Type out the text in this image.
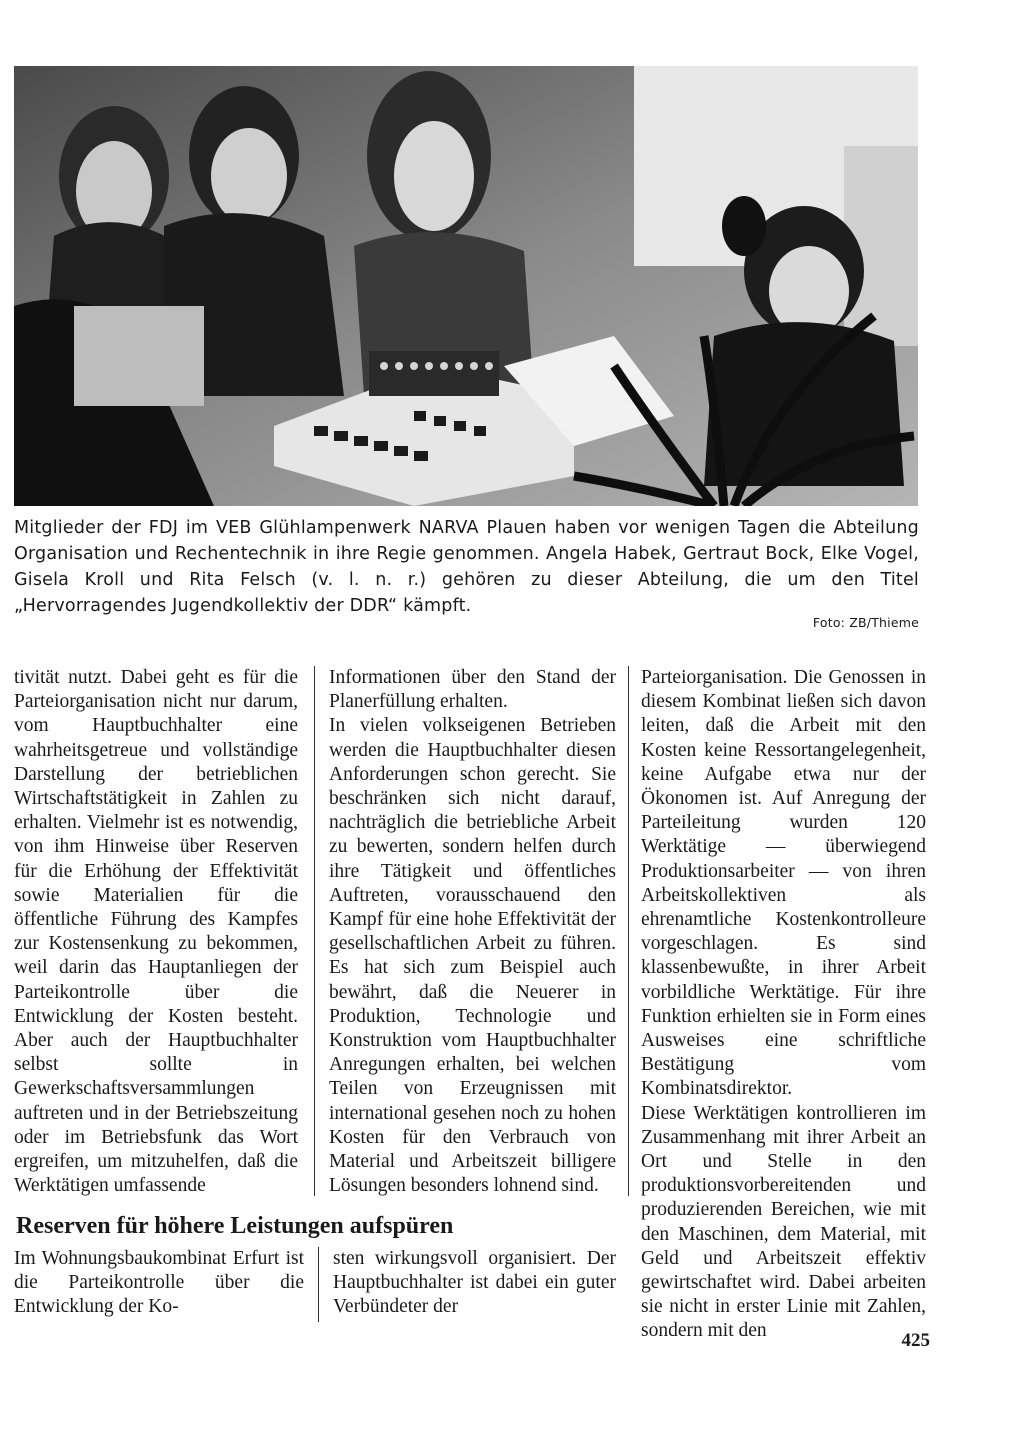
Mitglieder der FDJ im VEB Glühlampenwerk NARVA Plauen haben vor wenigen Tagen die Abteilung Organisation und Rechentechnik in ihre Regie genommen. Angela Habek, Gertraut Bock, Elke Vogel, Gisela Kroll und Rita Felsch (v. l. n. r.) gehören zu dieser Abteilung, die um den Titel „Hervorragendes Jugendkollektiv der DDR“ kämpft.
Foto: ZB/Thieme

tivität nutzt. Dabei geht es für die Parteiorganisation nicht nur darum, vom Hauptbuchhalter eine wahrheitsgetreue und vollständige Darstellung der betrieblichen Wirtschaftstätigkeit in Zahlen zu erhalten. Vielmehr ist es notwendig, von ihm Hinweise über Reserven für die Erhöhung der Effektivität sowie Materialien für die öffentliche Führung des Kampfes zur Kostensenkung zu bekommen, weil darin das Hauptanliegen der Parteikontrolle über die Entwicklung der Kosten besteht. Aber auch der Hauptbuchhalter selbst sollte in Gewerkschaftsversammlungen auftreten und in der Betriebszeitung oder im Betriebsfunk das Wort ergreifen, um mitzuhelfen, daß die Werktätigen umfassende

Informationen über den Stand der Planerfüllung erhalten.

In vielen volkseigenen Betrieben werden die Hauptbuchhalter diesen Anforderungen schon gerecht. Sie beschränken sich nicht darauf, nachträglich die betriebliche Arbeit zu bewerten, sondern helfen durch ihre Tätigkeit und öffentliches Auftreten, vorausschauend den Kampf für eine hohe Effektivität der gesellschaftlichen Arbeit zu führen. Es hat sich zum Beispiel auch bewährt, daß die Neuerer in Produktion, Technologie und Konstruktion vom Hauptbuchhalter Anregungen erhalten, bei welchen Teilen von Erzeugnissen mit international gesehen noch zu hohen Kosten für den Verbrauch von Material und Arbeitszeit billigere Lösungen besonders lohnend sind.

Parteiorganisation. Die Genossen in diesem Kombinat ließen sich davon leiten, daß die Arbeit mit den Kosten keine Ressortangelegenheit, keine Aufgabe etwa nur der Ökonomen ist. Auf Anregung der Parteileitung wurden 120 Werktätige — überwiegend Produktionsarbeiter — von ihren Arbeitskollektiven als ehrenamtliche Kostenkontrolleure vorgeschlagen. Es sind klassenbewußte, in ihrer Arbeit vorbildliche Werktätige. Für ihre Funktion erhielten sie in Form eines Ausweises eine schriftliche Bestätigung vom Kombinatsdirektor.

Diese Werktätigen kontrollieren im Zusammenhang mit ihrer Arbeit an Ort und Stelle in den produktionsvorbereitenden und produzierenden Bereichen, wie mit den Maschinen, dem Material, mit Geld und Arbeitszeit effektiv gewirtschaftet wird. Dabei arbeiten sie nicht in erster Linie mit Zahlen, sondern mit den

Reserven für höhere Leistungen aufspüren

Im Wohnungsbaukombinat Erfurt ist die Parteikontrolle über die Entwicklung der Ko-

sten wirkungsvoll organisiert. Der Hauptbuchhalter ist dabei ein guter Verbündeter der

425
